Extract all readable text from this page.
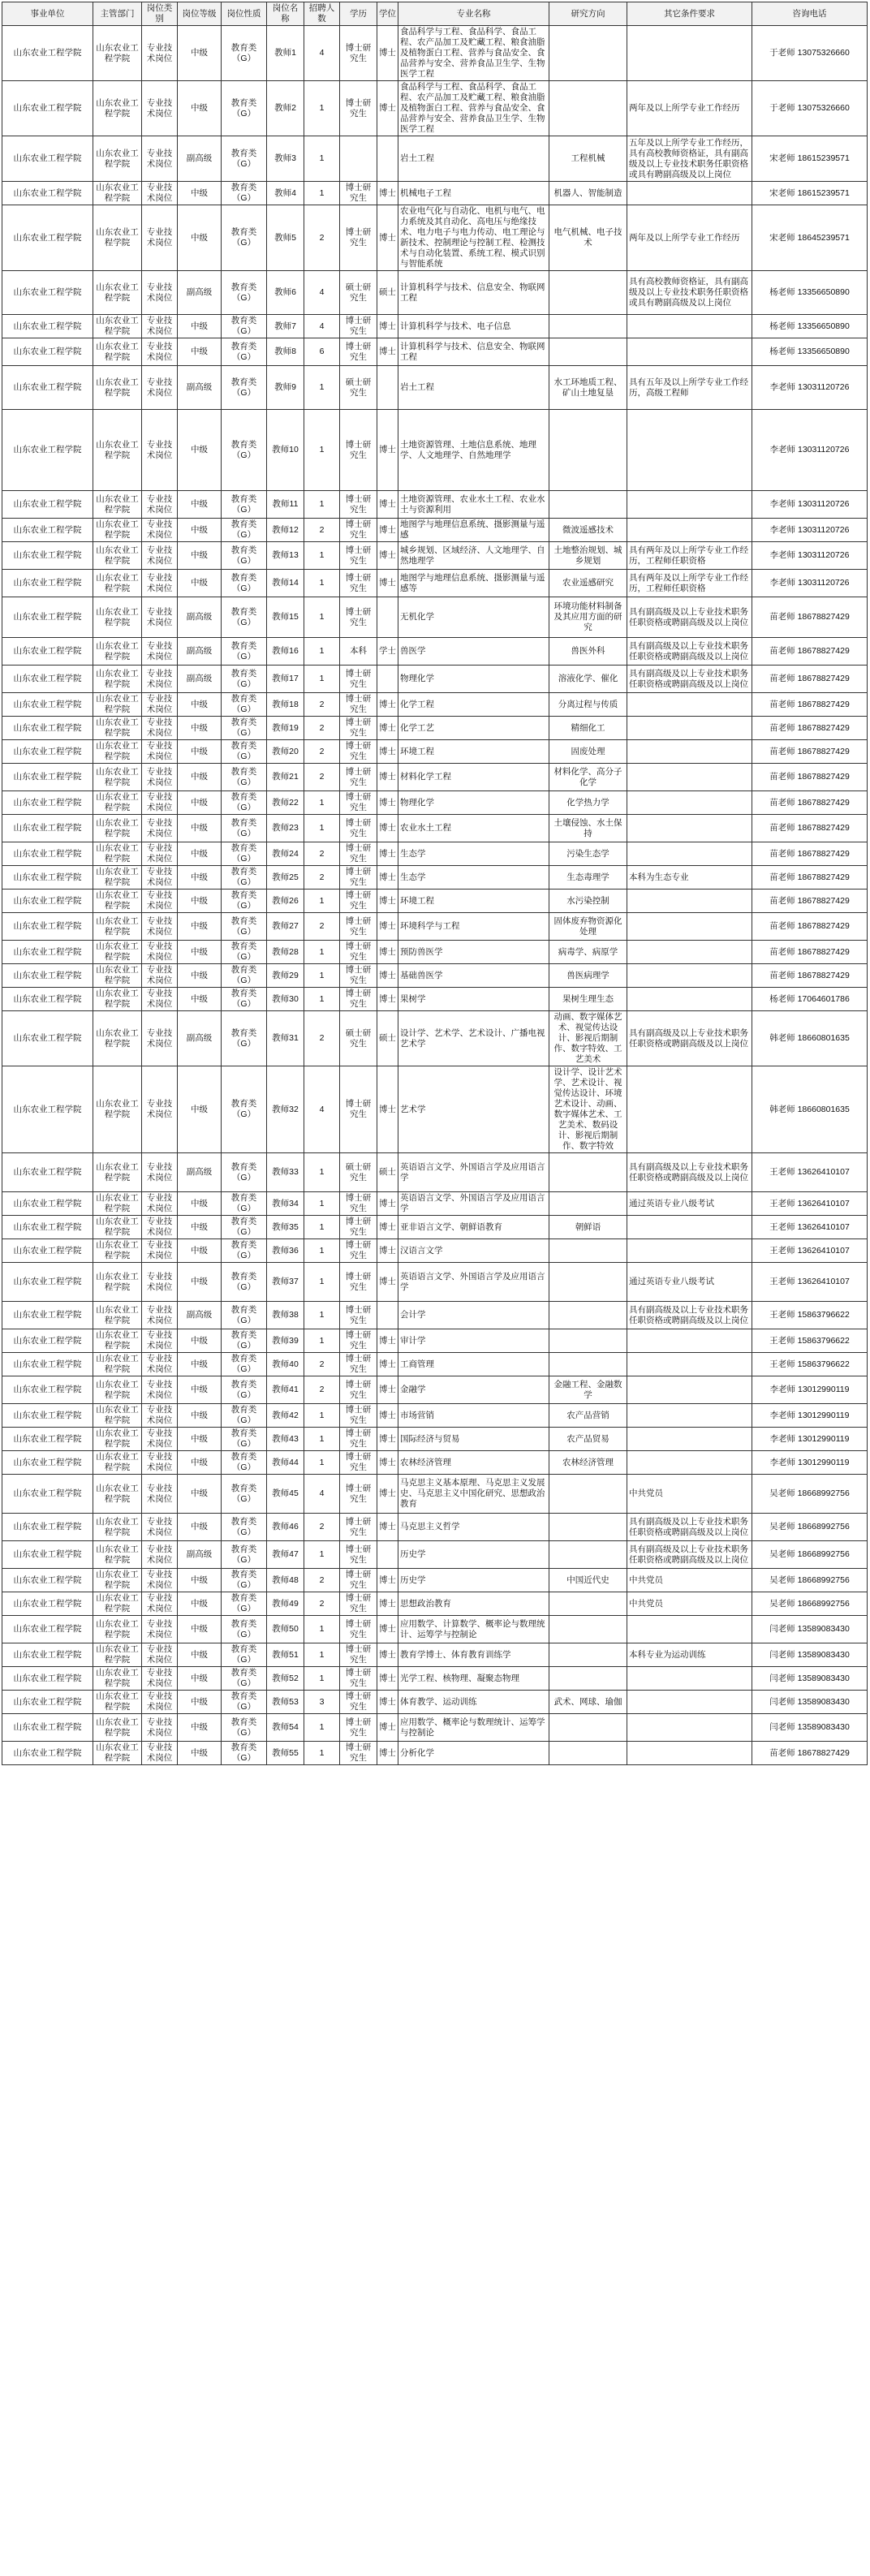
事业单位	主管部门	岗位类别	岗位等级	岗位性质	岗位名称	招聘人数	学历	学位	专业名称	研究方向	其它条件要求	咨询电话
山东农业工程学院	山东农业工程学院	专业技术岗位	中级	教育类（G）	教师1	4	博士研究生	博士	食品科学与工程、食品科学、食品工程、农产品加工及贮藏工程、粮食油脂及植物蛋白工程、营养与食品安全、食品营养与安全、营养食品卫生学、生物医学工程			于老师 13075326660
山东农业工程学院	山东农业工程学院	专业技术岗位	中级	教育类（G）	教师2	1	博士研究生	博士	食品科学与工程、食品科学、食品工程、农产品加工及贮藏工程、粮食油脂及植物蛋白工程、营养与食品安全、食品营养与安全、营养食品卫生学、生物医学工程		两年及以上所学专业工作经历	于老师 13075326660
山东农业工程学院	山东农业工程学院	专业技术岗位	副高级	教育类（G）	教师3	1			岩土工程	工程机械	五年及以上所学专业工作经历，具有高校教师资格证，具有副高级及以上专业技术职务任职资格或具有聘副高级及以上岗位	宋老师 18615239571
山东农业工程学院	山东农业工程学院	专业技术岗位	中级	教育类（G）	教师4	1	博士研究生	博士	机械电子工程	机器人、智能制造		宋老师 18615239571
山东农业工程学院	山东农业工程学院	专业技术岗位	中级	教育类（G）	教师5	2	博士研究生	博士	农业电气化与自动化、电机与电气、电力系统及其自动化、高电压与绝缘技术、电力电子与电力传动、电工理论与新技术、控制理论与控制工程、检测技术与自动化装置、系统工程、模式识别与智能系统	电气机械、电子技术	两年及以上所学专业工作经历	宋老师 18645239571
山东农业工程学院	山东农业工程学院	专业技术岗位	副高级	教育类（G）	教师6	4	硕士研究生	硕士	计算机科学与技术、信息安全、物联网工程		具有高校教师资格证，具有副高级及以上专业技术职务任职资格或具有聘副高级及以上岗位	杨老师 13356650890
山东农业工程学院	山东农业工程学院	专业技术岗位	中级	教育类（G）	教师7	4	博士研究生	博士	计算机科学与技术、电子信息			杨老师 13356650890
山东农业工程学院	山东农业工程学院	专业技术岗位	中级	教育类（G）	教师8	6	博士研究生	博士	计算机科学与技术、信息安全、物联网工程			杨老师 13356650890
山东农业工程学院	山东农业工程学院	专业技术岗位	副高级	教育类（G）	教师9	1	硕士研究生		岩土工程	水工环地质工程、矿山土地复垦	具有五年及以上所学专业工作经历，高级工程师	李老师 13031120726
山东农业工程学院	山东农业工程学院	专业技术岗位	中级	教育类（G）	教师10	1	博士研究生	博士	土地资源管理、土地信息系统、地理学、人文地理学、自然地理学			李老师 13031120726
山东农业工程学院	山东农业工程学院	专业技术岗位	中级	教育类（G）	教师11	1	博士研究生	博士	土地资源管理、农业水土工程、农业水土与资源利用			李老师 13031120726
山东农业工程学院	山东农业工程学院	专业技术岗位	中级	教育类（G）	教师12	2	博士研究生	博士	地图学与地理信息系统、摄影测量与遥感	微波遥感技术		李老师 13031120726
山东农业工程学院	山东农业工程学院	专业技术岗位	中级	教育类（G）	教师13	1	博士研究生	博士	城乡规划、区域经济、人文地理学、自然地理学	土地整治规划、城乡规划	具有两年及以上所学专业工作经历，工程师任职资格	李老师 13031120726
山东农业工程学院	山东农业工程学院	专业技术岗位	中级	教育类（G）	教师14	1	博士研究生	博士	地图学与地理信息系统、摄影测量与遥感等	农业遥感研究	具有两年及以上所学专业工作经历，工程师任职资格	李老师 13031120726
山东农业工程学院	山东农业工程学院	专业技术岗位	副高级	教育类（G）	教师15	1	博士研究生		无机化学	环境功能材料制备及其应用方面的研究	具有副高级及以上专业技术职务任职资格或聘副高级及以上岗位	苗老师 18678827429
山东农业工程学院	山东农业工程学院	专业技术岗位	副高级	教育类（G）	教师16	1	本科	学士	兽医学	兽医外科	具有副高级及以上专业技术职务任职资格或聘副高级及以上岗位	苗老师 18678827429
山东农业工程学院	山东农业工程学院	专业技术岗位	副高级	教育类（G）	教师17	1	博士研究生		物理化学	溶液化学、催化	具有副高级及以上专业技术职务任职资格或聘副高级及以上岗位	苗老师 18678827429
山东农业工程学院	山东农业工程学院	专业技术岗位	中级	教育类（G）	教师18	2	博士研究生	博士	化学工程	分离过程与传质		苗老师 18678827429
山东农业工程学院	山东农业工程学院	专业技术岗位	中级	教育类（G）	教师19	2	博士研究生	博士	化学工艺	精细化工		苗老师 18678827429
山东农业工程学院	山东农业工程学院	专业技术岗位	中级	教育类（G）	教师20	2	博士研究生	博士	环境工程	固废处理		苗老师 18678827429
山东农业工程学院	山东农业工程学院	专业技术岗位	中级	教育类（G）	教师21	2	博士研究生	博士	材料化学工程	材料化学、高分子化学		苗老师 18678827429
山东农业工程学院	山东农业工程学院	专业技术岗位	中级	教育类（G）	教师22	1	博士研究生	博士	物理化学	化学热力学		苗老师 18678827429
山东农业工程学院	山东农业工程学院	专业技术岗位	中级	教育类（G）	教师23	1	博士研究生	博士	农业水土工程	土壤侵蚀、水土保持		苗老师 18678827429
山东农业工程学院	山东农业工程学院	专业技术岗位	中级	教育类（G）	教师24	2	博士研究生	博士	生态学	污染生态学		苗老师 18678827429
山东农业工程学院	山东农业工程学院	专业技术岗位	中级	教育类（G）	教师25	2	博士研究生	博士	生态学	生态毒理学	本科为生态专业	苗老师 18678827429
山东农业工程学院	山东农业工程学院	专业技术岗位	中级	教育类（G）	教师26	1	博士研究生	博士	环境工程	水污染控制		苗老师 18678827429
山东农业工程学院	山东农业工程学院	专业技术岗位	中级	教育类（G）	教师27	2	博士研究生	博士	环境科学与工程	固体废弃物资源化处理		苗老师 18678827429
山东农业工程学院	山东农业工程学院	专业技术岗位	中级	教育类（G）	教师28	1	博士研究生	博士	预防兽医学	病毒学、病原学		苗老师 18678827429
山东农业工程学院	山东农业工程学院	专业技术岗位	中级	教育类（G）	教师29	1	博士研究生	博士	基础兽医学	兽医病理学		苗老师 18678827429
山东农业工程学院	山东农业工程学院	专业技术岗位	中级	教育类（G）	教师30	1	博士研究生	博士	果树学	果树生理生态		杨老师 17064601786
山东农业工程学院	山东农业工程学院	专业技术岗位	副高级	教育类（G）	教师31	2	硕士研究生	硕士	设计学、艺术学、艺术设计、广播电视艺术学	动画、数字媒体艺术、视觉传达设计、影视后期制作、数字特效、工艺美术	具有副高级及以上专业技术职务任职资格或聘副高级及以上岗位	韩老师 18660801635
山东农业工程学院	山东农业工程学院	专业技术岗位	中级	教育类（G）	教师32	4	博士研究生	博士	艺术学	设计学、设计艺术学、艺术设计、视觉传达设计、环境艺术设计、动画、数字媒体艺术、工艺美术、数码设计、影视后期制作、数字特效		韩老师 18660801635
山东农业工程学院	山东农业工程学院	专业技术岗位	副高级	教育类（G）	教师33	1	硕士研究生	硕士	英语语言文学、外国语言学及应用语言学		具有副高级及以上专业技术职务任职资格或聘副高级及以上岗位	王老师 13626410107
山东农业工程学院	山东农业工程学院	专业技术岗位	中级	教育类（G）	教师34	1	博士研究生	博士	英语语言文学、外国语言学及应用语言学		通过英语专业八级考试	王老师 13626410107
山东农业工程学院	山东农业工程学院	专业技术岗位	中级	教育类（G）	教师35	1	博士研究生	博士	亚非语言文学、朝鲜语教育	朝鲜语		王老师 13626410107
山东农业工程学院	山东农业工程学院	专业技术岗位	中级	教育类（G）	教师36	1	博士研究生	博士	汉语言文学			王老师 13626410107
山东农业工程学院	山东农业工程学院	专业技术岗位	中级	教育类（G）	教师37	1	博士研究生	博士	英语语言文学、外国语言学及应用语言学		通过英语专业八级考试	王老师 13626410107
山东农业工程学院	山东农业工程学院	专业技术岗位	副高级	教育类（G）	教师38	1	博士研究生		会计学		具有副高级及以上专业技术职务任职资格或聘副高级及以上岗位	王老师 15863796622
山东农业工程学院	山东农业工程学院	专业技术岗位	中级	教育类（G）	教师39	1	博士研究生	博士	审计学			王老师 15863796622
山东农业工程学院	山东农业工程学院	专业技术岗位	中级	教育类（G）	教师40	2	博士研究生	博士	工商管理			王老师 15863796622
山东农业工程学院	山东农业工程学院	专业技术岗位	中级	教育类（G）	教师41	2	博士研究生	博士	金融学	金融工程、金融数学		李老师 13012990119
山东农业工程学院	山东农业工程学院	专业技术岗位	中级	教育类（G）	教师42	1	博士研究生	博士	市场营销	农产品营销		李老师 13012990119
山东农业工程学院	山东农业工程学院	专业技术岗位	中级	教育类（G）	教师43	1	博士研究生	博士	国际经济与贸易	农产品贸易		李老师 13012990119
山东农业工程学院	山东农业工程学院	专业技术岗位	中级	教育类（G）	教师44	1	博士研究生	博士	农林经济管理	农林经济管理		李老师 13012990119
山东农业工程学院	山东农业工程学院	专业技术岗位	中级	教育类（G）	教师45	4	博士研究生	博士	马克思主义基本原理、马克思主义发展史、马克思主义中国化研究、思想政治教育		中共党员	吴老师 18668992756
山东农业工程学院	山东农业工程学院	专业技术岗位	中级	教育类（G）	教师46	2	博士研究生	博士	马克思主义哲学		具有副高级及以上专业技术职务任职资格或聘副高级及以上岗位	吴老师 18668992756
山东农业工程学院	山东农业工程学院	专业技术岗位	副高级	教育类（G）	教师47	1	博士研究生		历史学		具有副高级及以上专业技术职务任职资格或聘副高级及以上岗位	吴老师 18668992756
山东农业工程学院	山东农业工程学院	专业技术岗位	中级	教育类（G）	教师48	2	博士研究生	博士	历史学	中国近代史	中共党员	吴老师 18668992756
山东农业工程学院	山东农业工程学院	专业技术岗位	中级	教育类（G）	教师49	2	博士研究生	博士	思想政治教育		中共党员	吴老师 18668992756
山东农业工程学院	山东农业工程学院	专业技术岗位	中级	教育类（G）	教师50	1	博士研究生	博士	应用数学、计算数学、概率论与数理统计、运筹学与控制论			闫老师 13589083430
山东农业工程学院	山东农业工程学院	专业技术岗位	中级	教育类（G）	教师51	1	博士研究生	博士	教育学博士、体育教育训练学		本科专业为运动训练	闫老师 13589083430
山东农业工程学院	山东农业工程学院	专业技术岗位	中级	教育类（G）	教师52	1	博士研究生	博士	光学工程、核物理、凝聚态物理			闫老师 13589083430
山东农业工程学院	山东农业工程学院	专业技术岗位	中级	教育类（G）	教师53	3	博士研究生	博士	体育教学、运动训练	武术、网球、瑜伽		闫老师 13589083430
山东农业工程学院	山东农业工程学院	专业技术岗位	中级	教育类（G）	教师54	1	博士研究生	博士	应用数学、概率论与数理统计、运筹学与控制论			闫老师 13589083430
山东农业工程学院	山东农业工程学院	专业技术岗位	中级	教育类（G）	教师55	1	博士研究生	博士	分析化学			苗老师 18678827429
